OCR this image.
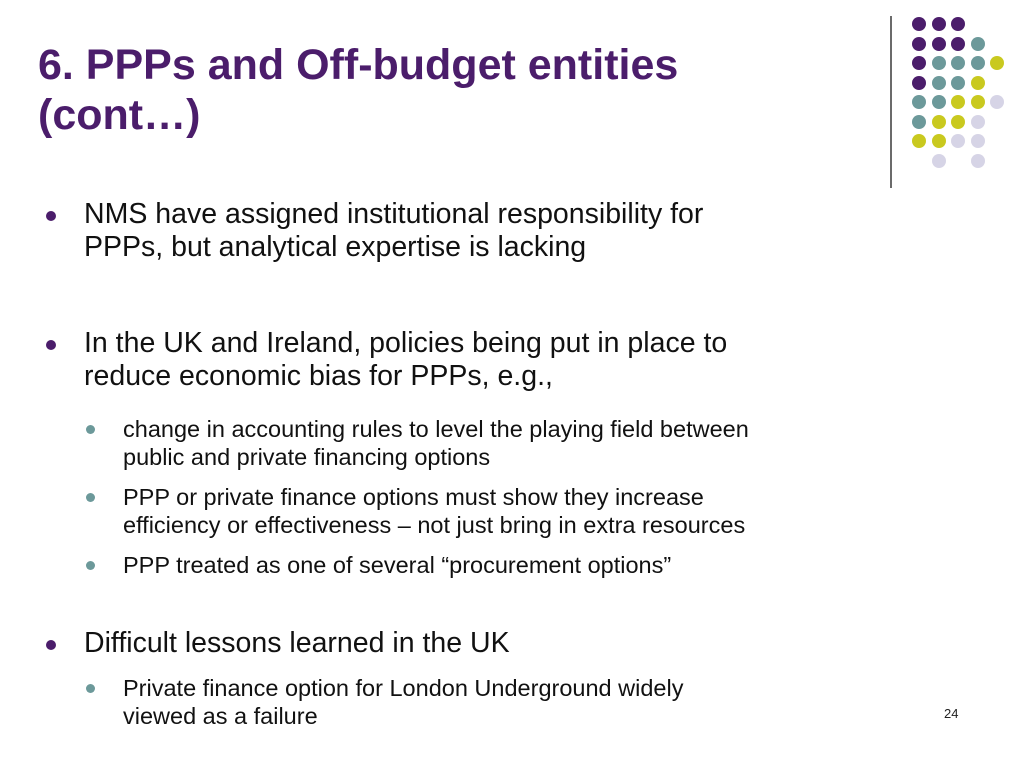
6. PPPs and Off-budget entities
(cont…)
NMS have assigned institutional responsibility for
PPPs, but analytical expertise is lacking
In the UK and Ireland, policies being put in place to
reduce economic bias for PPPs, e.g.,
change in accounting rules to level the playing field between
public and private financing options
PPP or private finance options must show they increase
efficiency or effectiveness – not just bring in extra resources
PPP treated as one of several “procurement options”
Difficult lessons learned in the UK
Private finance option for London Underground widely
viewed as a failure	24
